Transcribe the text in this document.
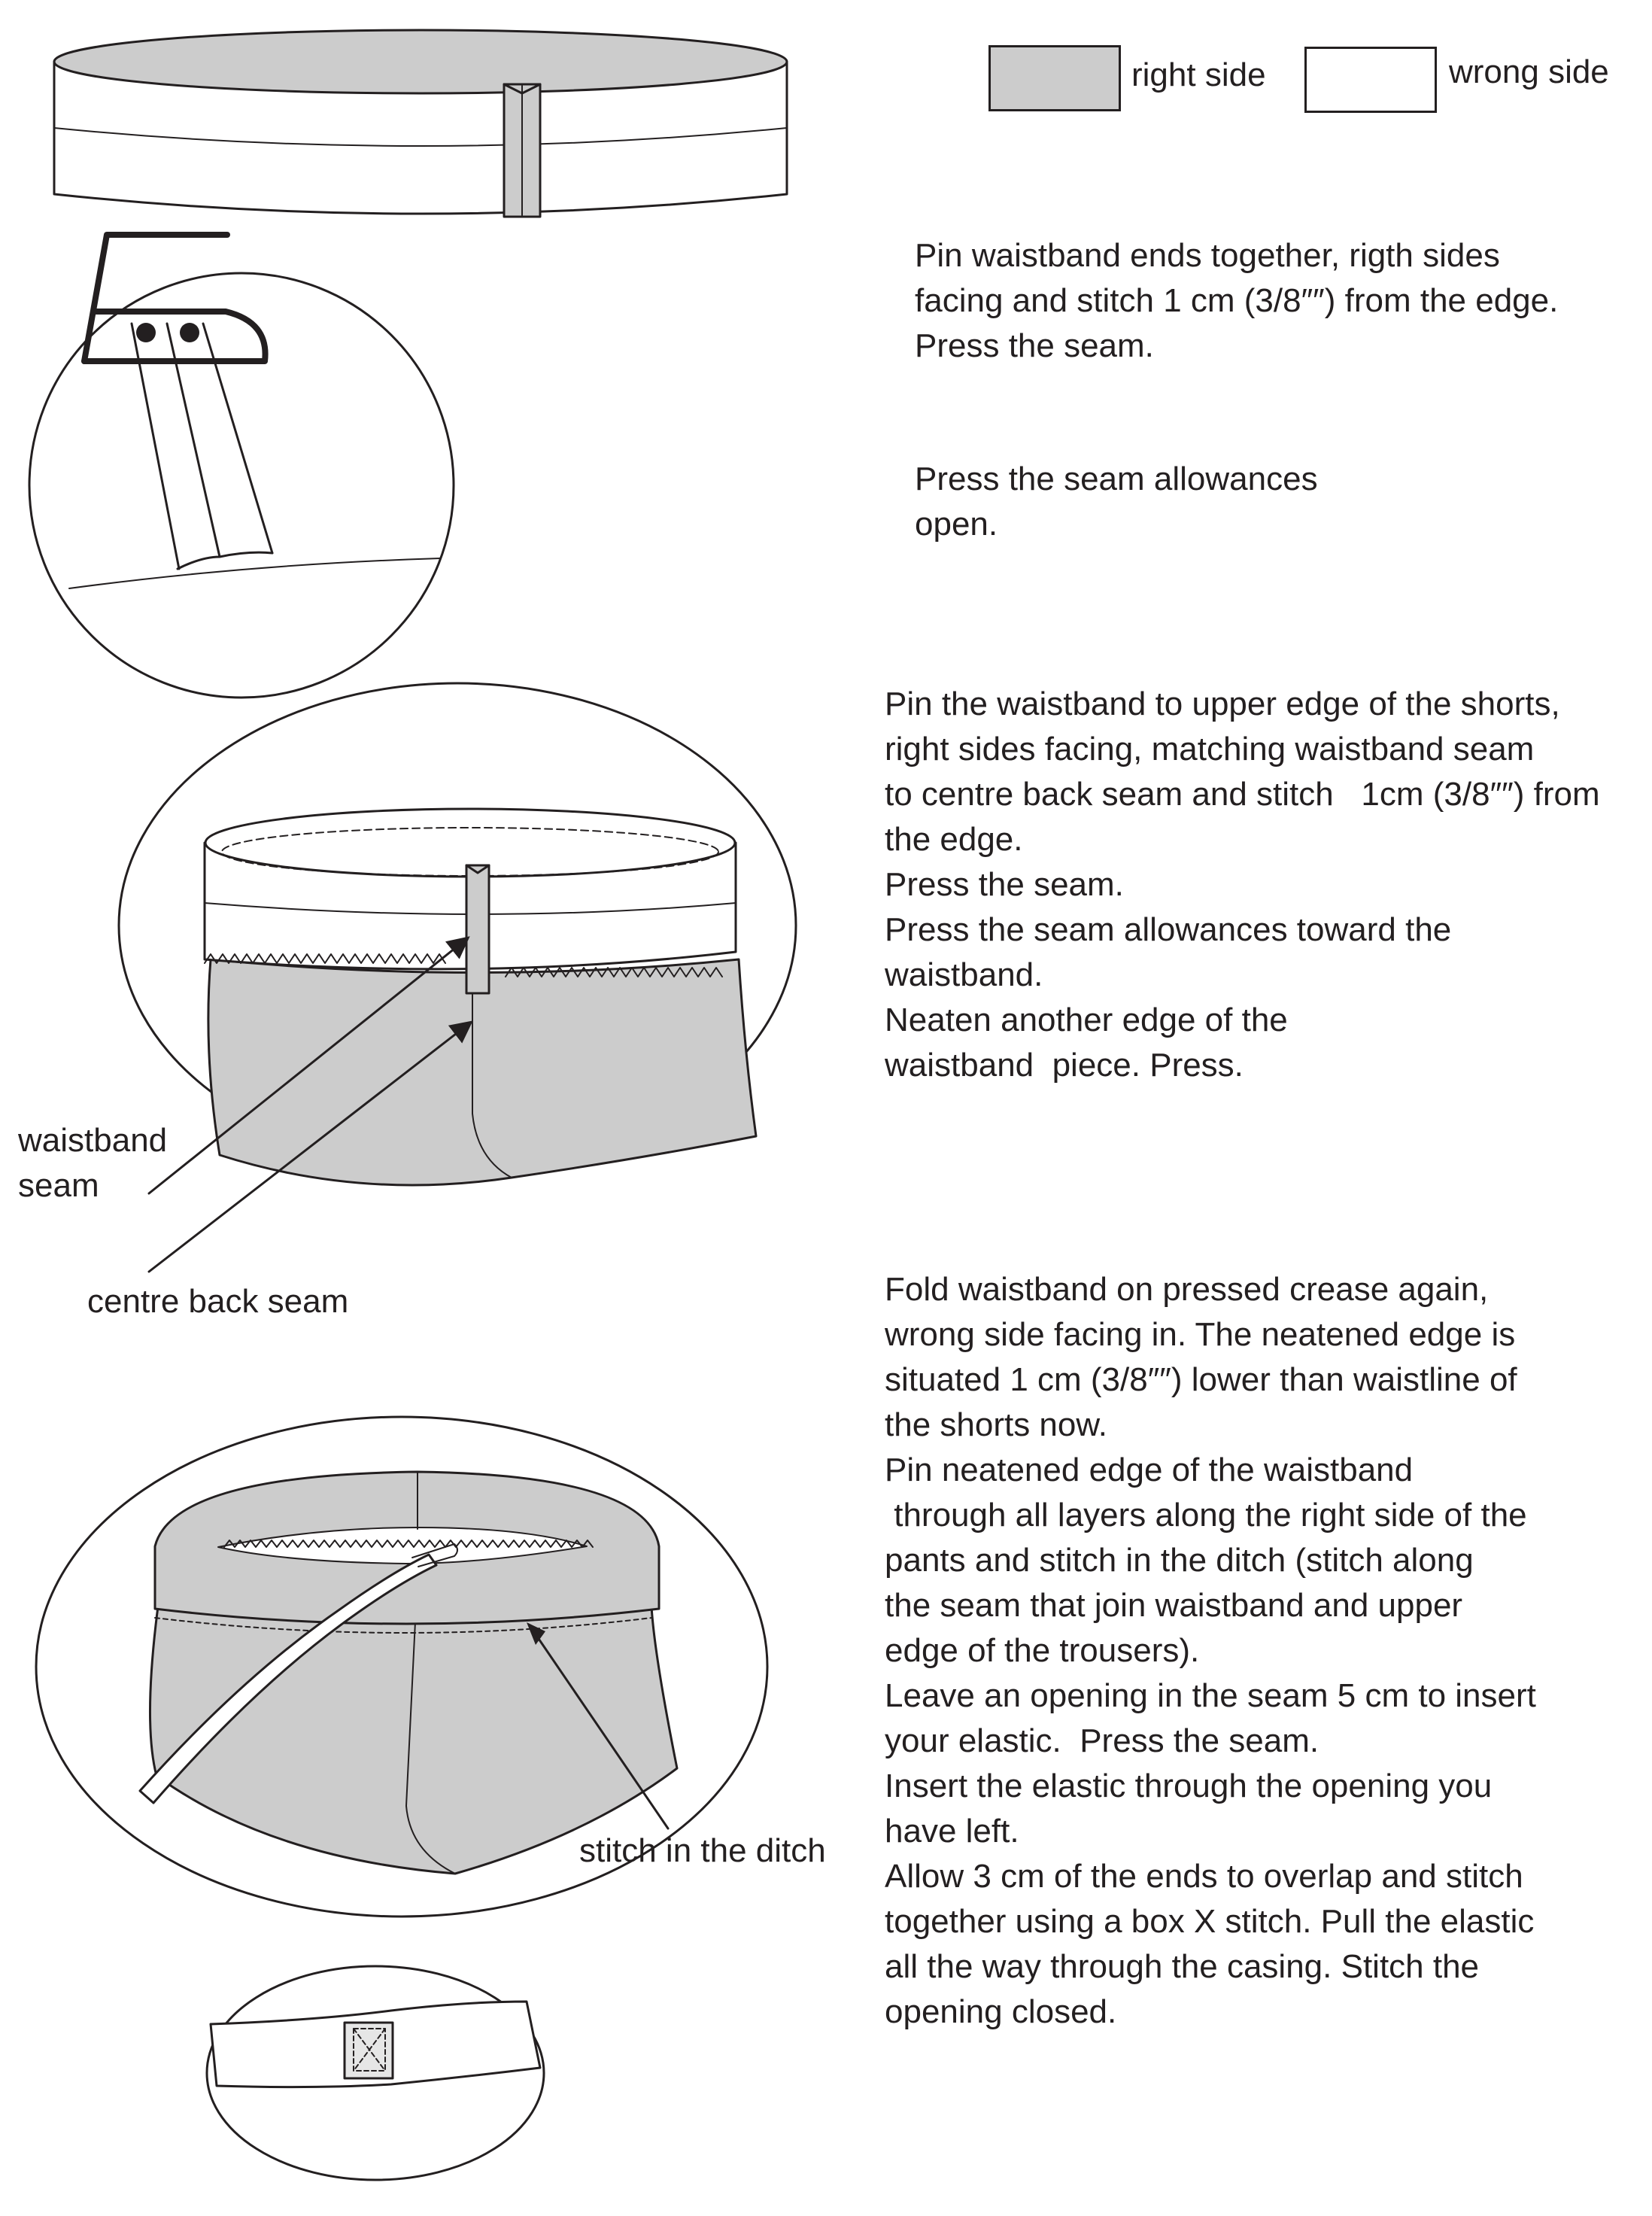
right side	wrong side

Pin waistband ends together, rigth sides

facing and stitch 1 cm (3/8″″) from the edge.

Press the seam.

Press the seam allowances

open.

Pin the waistband to upper edge of the shorts,

right sides facing, matching waistband seam

to centre back seam and stitch   1cm (3/8″″) from

the edge.

Press the seam.

Press the seam allowances toward the

waistband.

Neaten another edge of the

waistband  piece. Press.

Fold waistband on pressed crease again,

wrong side facing in. The neatened edge is

situated 1 cm (3/8″″) lower than waistline of

the shorts now.

Pin neatened edge of the waistband

through all layers along the right side of the

pants and stitch in the ditch (stitch along

the seam that join waistband and upper

edge of the trousers).

Leave an opening in the seam 5 cm to insert

your elastic.  Press the seam.

Insert the elastic through the opening you

have left.

Allow 3 cm of the ends to overlap and stitch

together using a box X stitch. Pull the elastic

all the way through the casing. Stitch the

opening closed.

waistband
seam
centre back seam
stitch in the ditch
